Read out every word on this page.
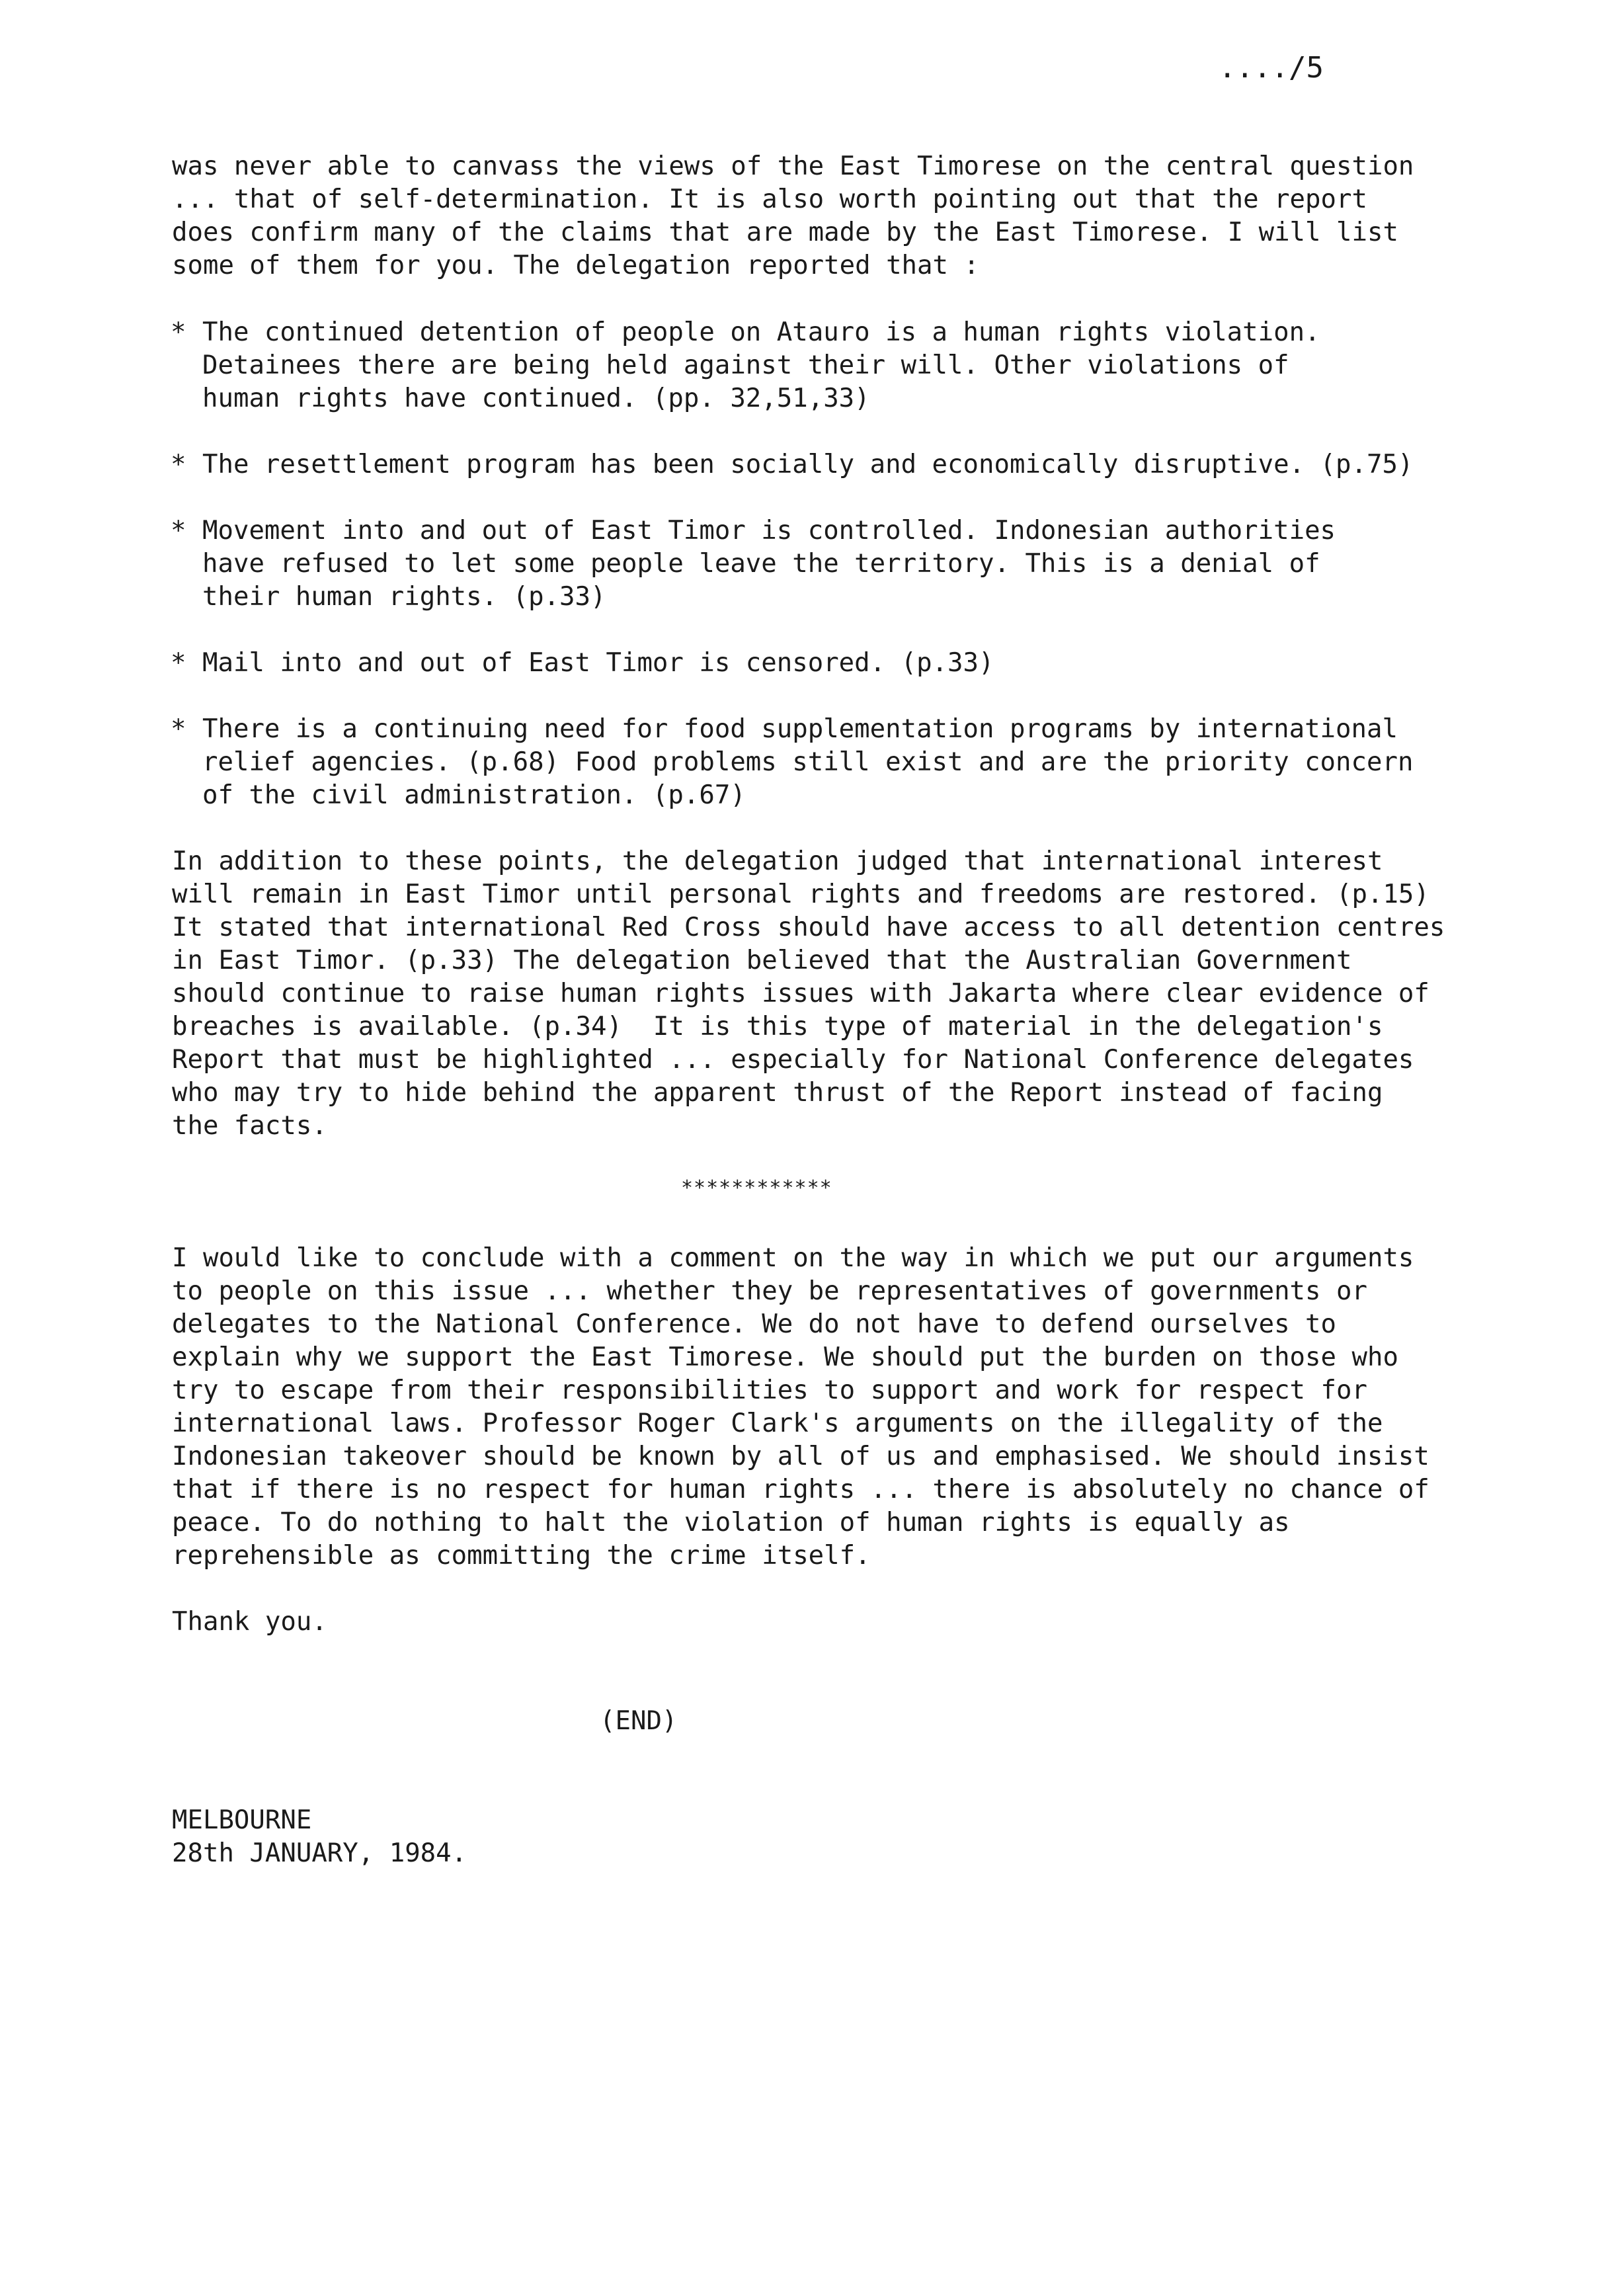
..../5
was never able to canvass the views of the East Timorese on the central question
... that of self-determination. It is also worth pointing out that the report
does confirm many of the claims that are made by the East Timorese. I will list
some of them for you. The delegation reported that :
* The continued detention of people on Atauro is a human rights violation.
Detainees there are being held against their will. Other violations of
human rights have continued. (pp. 32,51,33)
* The resettlement program has been socially and economically disruptive. (p.75)
* Movement into and out of East Timor is controlled. Indonesian authorities
have refused to let some people leave the territory. This is a denial of
their human rights. (p.33)
* Mail into and out of East Timor is censored. (p.33)
* There is a continuing need for food supplementation programs by international
relief agencies. (p.68) Food problems still exist and are the priority concern
of the civil administration. (p.67)
In addition to these points, the delegation judged that international interest
will remain in East Timor until personal rights and freedoms are restored. (p.15)
It stated that international Red Cross should have access to all detention centres
in East Timor. (p.33) The delegation believed that the Australian Government
should continue to raise human rights issues with Jakarta where clear evidence of
breaches is available. (p.34)  It is this type of material in the delegation's
Report that must be highlighted ... especially for National Conference delegates
who may try to hide behind the apparent thrust of the Report instead of facing
the facts.
************
I would like to conclude with a comment on the way in which we put our arguments
to people on this issue ... whether they be representatives of governments or
delegates to the National Conference. We do not have to defend ourselves to
explain why we support the East Timorese. We should put the burden on those who
try to escape from their responsibilities to support and work for respect for
international laws. Professor Roger Clark's arguments on the illegality of the
Indonesian takeover should be known by all of us and emphasised. We should insist
that if there is no respect for human rights ... there is absolutely no chance of
peace. To do nothing to halt the violation of human rights is equally as
reprehensible as committing the crime itself.
Thank you.
(END)
MELBOURNE
28th JANUARY, 1984.
